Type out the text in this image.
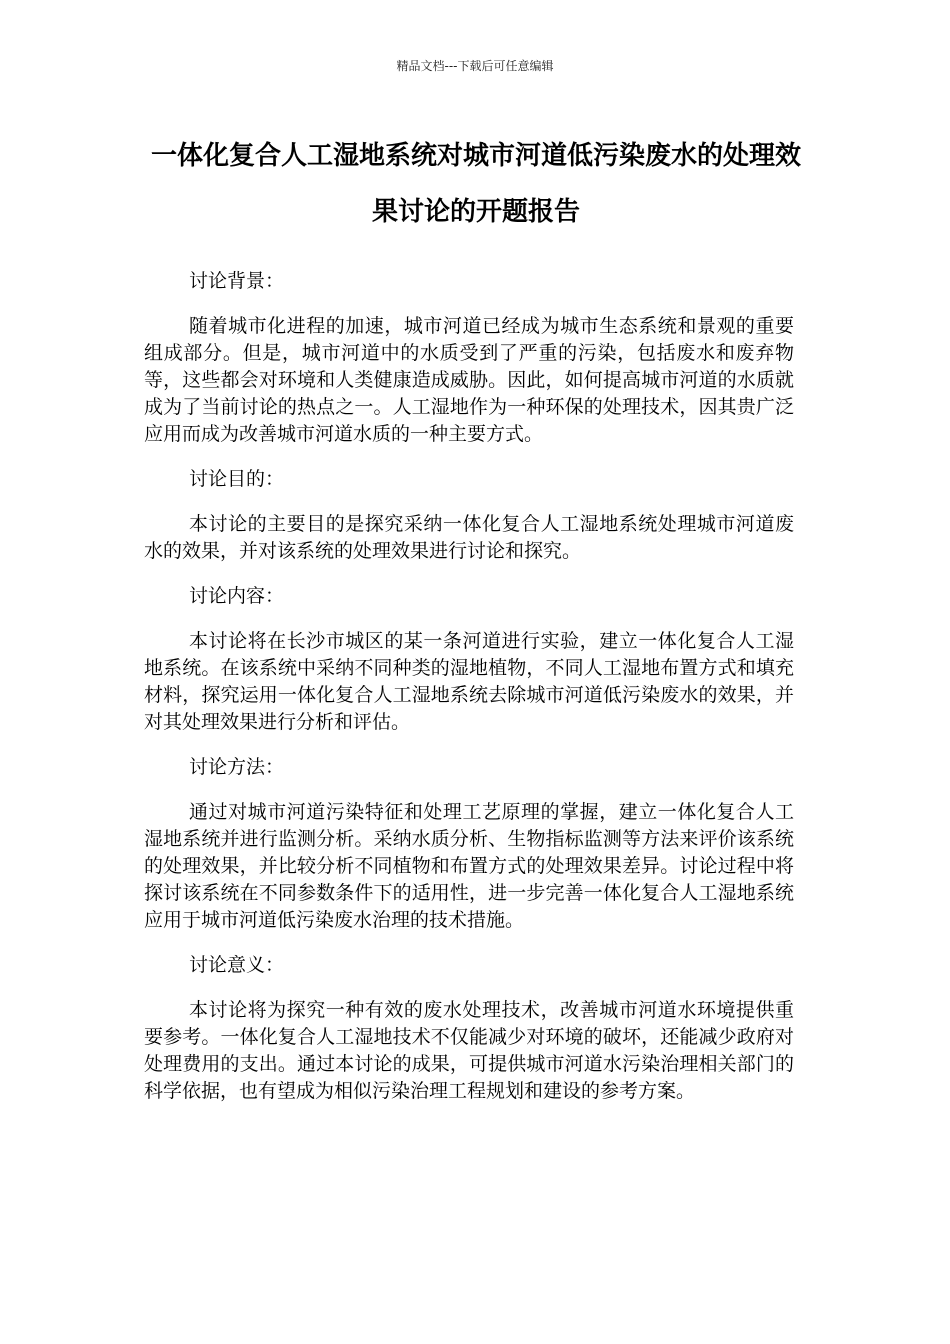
精品文档---下载后可任意编辑
一体化复合人工湿地系统对城市河道低污染废水的处理效果讨论的开题报告

讨论背景：

随着城市化进程的加速，城市河道已经成为城市生态系统和景观的重要组成部分。但是，城市河道中的水质受到了严重的污染，包括废水和废弃物等，这些都会对环境和人类健康造成威胁。因此，如何提高城市河道的水质就成为了当前讨论的热点之一。人工湿地作为一种环保的处理技术，因其贵广泛应用而成为改善城市河道水质的一种主要方式。

讨论目的：

本讨论的主要目的是探究采纳一体化复合人工湿地系统处理城市河道废水的效果，并对该系统的处理效果进行讨论和探究。

讨论内容：

本讨论将在长沙市城区的某一条河道进行实验，建立一体化复合人工湿地系统。在该系统中采纳不同种类的湿地植物，不同人工湿地布置方式和填充材料，探究运用一体化复合人工湿地系统去除城市河道低污染废水的效果，并对其处理效果进行分析和评估。

讨论方法：

通过对城市河道污染特征和处理工艺原理的掌握，建立一体化复合人工湿地系统并进行监测分析。采纳水质分析、生物指标监测等方法来评价该系统的处理效果，并比较分析不同植物和布置方式的处理效果差异。讨论过程中将探讨该系统在不同参数条件下的适用性，进一步完善一体化复合人工湿地系统应用于城市河道低污染废水治理的技术措施。

讨论意义：

本讨论将为探究一种有效的废水处理技术，改善城市河道水环境提供重要参考。一体化复合人工湿地技术不仅能减少对环境的破坏，还能减少政府对处理费用的支出。通过本讨论的成果，可提供城市河道水污染治理相关部门的科学依据，也有望成为相似污染治理工程规划和建设的参考方案。
